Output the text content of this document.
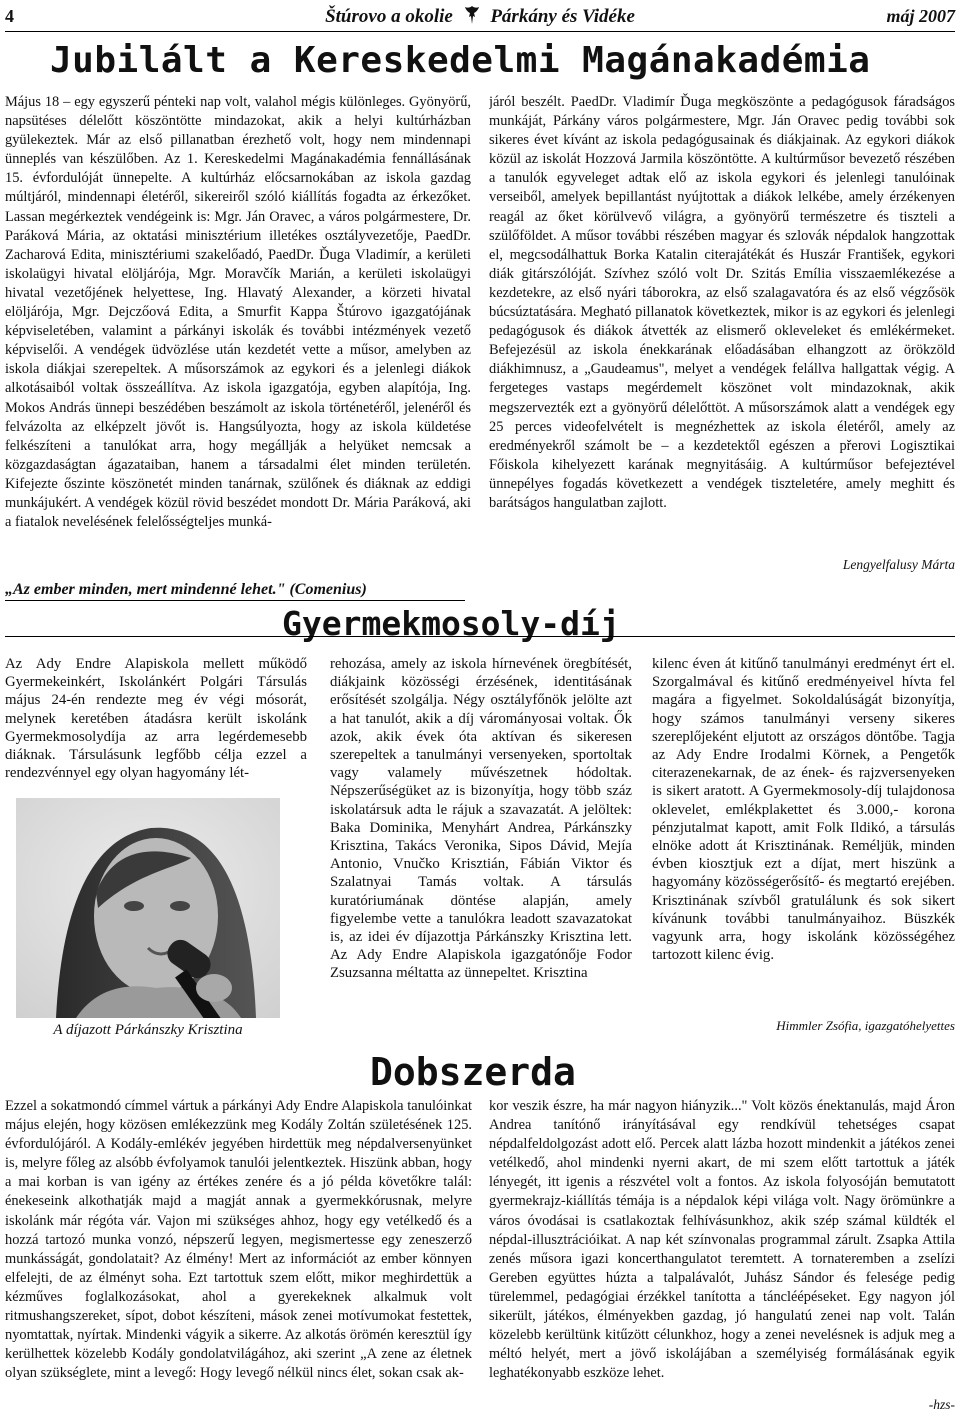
4	Štúrovo a okolie Párkány és Vidéke	máj 2007
Jubilált a Kereskedelmi Magánakadémia

Május 18 – egy egyszerű pénteki nap volt, valahol mégis különleges. Gyönyörű, napsütéses délelőtt köszöntötte mindazokat, akik a helyi kultúrházban gyülekeztek. Már az első pillanatban érezhető volt, hogy nem mindennapi ünneplés van készülőben. Az 1. Kereskedelmi Magánakadémia fennállásának 15. évfordulóját ünnepelte. A kultúrház előcsarnokában az iskola gazdag múltjáról, mindennapi életéről, sikereiről szóló kiállítás fogadta az érkezőket. Lassan megérkeztek vendégeink is: Mgr. Ján Oravec, a város polgármestere, Dr. Paráková Mária, az oktatási minisztérium illetékes osztályvezetője, PaedDr. Zacharová Edita, minisztériumi szakelőadó, PaedDr. Ďuga Vladimír, a kerületi iskolaügyi hivatal elöljárója, Mgr. Moravčík Marián, a kerületi iskolaügyi hivatal vezetőjének helyettese, Ing. Hlavatý Alexander, a körzeti hivatal elöljárója, Mgr. Dejczőová Edita, a Smurfit Kappa Štúrovo igazgatójának képviseletében, valamint a párkányi iskolák és további intézmények vezető képviselői. A vendégek üdvözlése után kezdetét vette a műsor, amelyben az iskola diákjai szerepeltek. A műsorszámok az egykori és a jelenlegi diákok alkotásaiból voltak összeállítva. Az iskola igazgatója, egyben alapítója, Ing. Mokos András ünnepi beszédében beszámolt az iskola történetéről, jelenéről és felvázolta az elképzelt jövőt is. Hangsúlyozta, hogy az iskola küldetése felkészíteni a tanulókat arra, hogy megállják a helyüket nemcsak a közgazdaságtan ágazataiban, hanem a társadalmi élet minden területén. Kifejezte őszinte köszönetét minden tanárnak, szülőnek és diáknak az eddigi munkájukért. A vendégek közül rövid beszédet mondott Dr. Mária Paráková, aki a fiatalok nevelésének felelősségteljes munká-

járól beszélt. PaedDr. Vladimír Ďuga megköszönte a pedagógusok fáradságos munkáját, Párkány város polgármestere, Mgr. Ján Oravec pedig további sok sikeres évet kívánt az iskola pedagógusainak és diákjainak. Az egykori diákok közül az iskolát Hozzová Jarmila köszöntötte. A kultúrműsor bevezető részében a tanulók egyveleget adtak elő az iskola egykori és jelenlegi tanulóinak verseiből, amelyek bepillantást nyújtottak a diákok lelkébe, amely érzékenyen reagál az őket körülvevő világra, a gyönyörű természetre és tiszteli a szülőföldet. A műsor további részében magyar és szlovák népdalok hangzottak el, megcsodálhattuk Borka Katalin citerajátékát és Huszár František, egykori diák gitárszólóját. Szívhez szóló volt Dr. Szitás Emília visszaemlékezése a kezdetekre, az első nyári táborokra, az első szalagavatóra és az első végzősök búcsúztatására. Megható pillanatok következtek, mikor is az egykori és jelenlegi pedagógusok és diákok átvették az elismerő okleveleket és emlékérmeket. Befejezésül az iskola énekkarának előadásában elhangzott az örökzöld diákhimnusz, a „Gaudeamus", melyet a vendégek felállva hallgattak végig. A fergeteges vastaps megérdemelt köszönet volt mindazoknak, akik megszervezték ezt a gyönyörű délelőttöt. A műsorszámok alatt a vendégek egy 25 perces videofelvételt is megnézhettek az iskola életéről, amely az eredményekről számolt be – a kezdetektől egészen a přerovi Logisztikai Főiskola kihelyezett karának megnyitásáig. A kultúrműsor befejeztével ünnepélyes fogadás következett a vendégek tiszteletére, amely meghitt és barátságos hangulatban zajlott.

Lengyelfalusy Márta
„Az ember minden, mert mindenné lehet." (Comenius)
Gyermekmosoly-díj

Az Ady Endre Alapiskola mellett működő Gyermekeinkért, Iskolánkért Polgári Társulás május 24-én rendezte meg év végi mósorát, melynek keretében átadásra került iskolánk Gyermekmosolydíja az arra legérdemesebb diáknak. Társulásunk legfőbb célja ezzel a rendezvénnyel egy olyan hagyomány lét-

A díjazott Párkánszky Krisztina

rehozása, amely az iskola hírnevének öregbítését, diákjaink közösségi érzésének, identitásának erősítését szolgálja. Négy osztályfőnök jelölte azt a hat tanulót, akik a díj várományosai voltak. Ők azok, akik évek óta aktívan és sikeresen szerepeltek a tanulmányi versenyeken, sportoltak vagy valamely művészetnek hódoltak. Népszerűségüket az is bizonyítja, hogy több száz iskolatársuk adta le rájuk a szavazatát. A jelöltek: Baka Dominika, Menyhárt Andrea, Párkánszky Krisztina, Takács Veronika, Sipos Dávid, Mejía Antonio, Vnučko Krisztián, Fábián Viktor és Szalatnyai Tamás voltak. A társulás kuratóriumának döntése alapján, amely figyelembe vette a tanulókra leadott szavazatokat is, az idei év díjazottja Párkánszky Krisztina lett. Az Ady Endre Alapiskola igazgatónője Fodor Zsuzsanna méltatta az ünnepeltet. Krisztina

kilenc éven át kitűnő tanulmányi eredményt ért el. Szorgalmával és kitűnő eredményeivel hívta fel magára a figyelmet. Sokoldalúságát bizonyítja, hogy számos tanulmányi verseny sikeres szereplőjeként eljutott az országos döntőbe. Tagja az Ady Endre Irodalmi Körnek, a Pengetők citerazenekarnak, de az ének- és rajzversenyeken is sikert aratott. A Gyermekmosoly-díj tulajdonosa oklevelet, emlékplakettet és 3.000,- korona pénzjutalmat kapott, amit Folk Ildikó, a társulás elnöke adott át Krisztinának. Reméljük, minden évben kiosztjuk ezt a díjat, mert hiszünk a hagyomány közösségerősítő- és megtartó erejében. Krisztinának szívből gratulálunk és sok sikert kívánunk további tanulmányaihoz. Büszkék vagyunk arra, hogy iskolánk közösségéhez tartozott kilenc évig.

Himmler Zsófia, igazgatóhelyettes
Dobszerda

Ezzel a sokatmondó címmel vártuk a párkányi Ady Endre Alapiskola tanulóinkat május elején, hogy közösen emlékezzünk meg Kodály Zoltán születésének 125. évfordulójáról. A Kodály-emlékév jegyében hirdettük meg népdalversenyünket is, melyre főleg az alsóbb évfolyamok tanulói jelentkeztek. Hiszünk abban, hogy a mai korban is van igény az értékes zenére és a jó példa követőkre talál: énekeseink alkothatják majd a magját annak a gyermekkórusnak, melyre iskolánk már régóta vár. Vajon mi szükséges ahhoz, hogy egy vetélkedő és a hozzá tartozó munka vonzó, népszerű legyen, megismertesse egy zeneszerző munkásságát, gondolatait? Az élmény! Mert az információt az ember könnyen elfelejti, de az élményt soha. Ezt tartottuk szem előtt, mikor meghirdettük a kézműves foglalkozásokat, ahol a gyerekeknek alkalmuk volt ritmushangszereket, sípot, dobot készíteni, mások zenei motívumokat festettek, nyomtattak, nyírtak. Mindenki vágyik a sikerre. Az alkotás örömén keresztül így kerülhettek közelebb Kodály gondolatvilágához, aki szerint „A zene az életnek olyan szükséglete, mint a levegő: Hogy levegő nélkül nincs élet, sokan csak ak-

kor veszik észre, ha már nagyon hiányzik..." Volt közös énektanulás, majd Áron Andrea tanítónő irányításával egy rendkívül tehetséges csapat népdalfeldolgozást adott elő. Percek alatt lázba hozott mindenkit a játékos zenei vetélkedő, ahol mindenki nyerni akart, de mi szem előtt tartottuk a játék lényegét, itt igenis a részvétel volt a fontos. Az iskola folyosóján bemutatott gyermekrajz-kiállítás témája is a népdalok képi világa volt. Nagy örömünkre a város óvodásai is csatlakoztak felhívásunkhoz, akik szép számal küldték el népdal-illusztrációikat. A nap két színvonalas programmal zárult. Zsapka Attila zenés műsora igazi koncerthangulatot teremtett. A tornateremben a zselízi Gereben együttes húzta a talpalávalót, Juhász Sándor és felesége pedig türelemmel, pedagógiai érzékkel tanította a táncléépéseket. Egy nagyon jól sikerült, játékos, élményekben gazdag, jó hangulatú zenei nap volt. Talán közelebb kerültünk kitűzött célunkhoz, hogy a zenei nevelésnek is adjuk meg a méltó helyét, mert a jövő iskolájában a személyiség formálásának egyik leghatékonyabb eszköze lehet.

-hzs-
